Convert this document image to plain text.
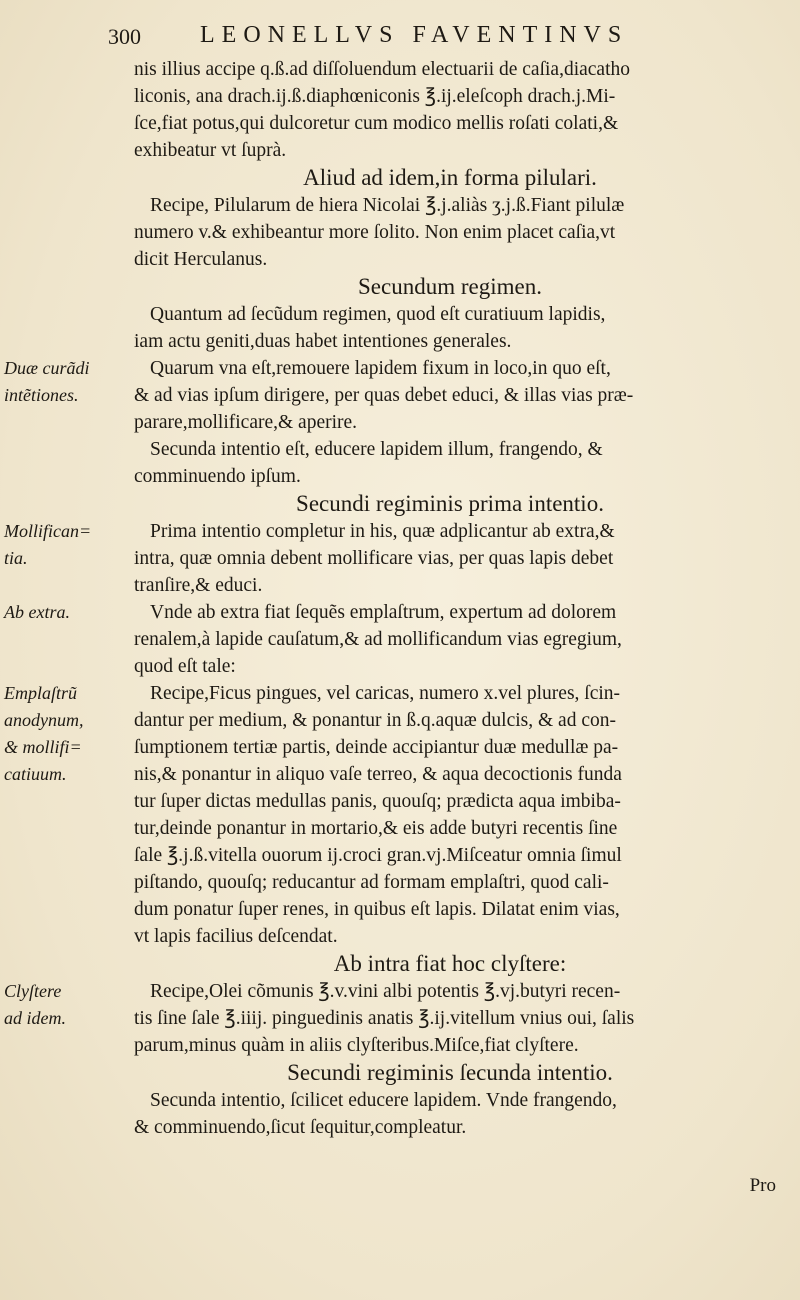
300 LEONELLVS FAVENTINVS
nis illius accipe q.ß.ad diſſoluendum electuarii de caſia,diacatho
liconis, ana drach.ij.ß.diaphœniconis ℥.ij.eleſcoph drach.j.Mi-
ſce,fiat potus,qui dulcoretur cum modico mellis roſati colati,&
exhibeatur vt ſuprà.
Aliud ad idem,in forma pilulari.
Recipe, Pilularum de hiera Nicolai ℥.j.aliàs ʒ.j.ß.Fiant pilulæ
numero v.& exhibeantur more ſolito. Non enim placet caſia,vt
dicit Herculanus.
Secundum regimen.
Quantum ad ſecũdum regimen, quod eſt curatiuum lapidis,
iam actu geniti,duas habet intentiones generales.
Quarum vna eſt,remouere lapidem fixum in loco,in quo eſt,
& ad vias ipſum dirigere, per quas debet educi, & illas vias præ-
parare,mollificare,& aperire.
Secunda intentio eſt, educere lapidem illum, frangendo, &
comminuendo ipſum.
Secundi regiminis prima intentio.
Prima intentio completur in his, quæ adplicantur ab extra,&
intra, quæ omnia debent mollificare vias, per quas lapis debet
tranſire,& educi.
Vnde ab extra fiat ſequẽs emplaſtrum, expertum ad dolorem
renalem,à lapide cauſatum,& ad mollificandum vias egregium,
quod eſt tale:
Recipe,Ficus pingues, vel caricas, numero x.vel plures, ſcin-
dantur per medium, & ponantur in ß.q.aquæ dulcis, & ad con-
ſumptionem tertiæ partis, deinde accipiantur duæ medullæ pa-
nis,& ponantur in aliquo vaſe terreo, & aqua decoctionis funda
tur ſuper dictas medullas panis, quouſq; prædicta aqua imbiba-
tur,deinde ponantur in mortario,& eis adde butyri recentis ſine
ſale ℥.j.ß.vitella ouorum ij.croci gran.vj.Miſceatur omnia ſimul
piſtando, quouſq; reducantur ad formam emplaſtri, quod cali-
dum ponatur ſuper renes, in quibus eſt lapis. Dilatat enim vias,
vt lapis facilius deſcendat.
Ab intra fiat hoc clyſtere:
Recipe,Olei cõmunis ℥.v.vini albi potentis ℥.vj.butyri recen-
tis ſine ſale ℥.iiij. pinguedinis anatis ℥.ij.vitellum vnius oui, ſalis
parum,minus quàm in aliis clyſteribus.Miſce,fiat clyſtere.
Secundi regiminis ſecunda intentio.
Secunda intentio, ſcilicet educere lapidem. Vnde frangendo,
& comminuendo,ſicut ſequitur,compleatur.
Duæ curãdi
intẽtiones.
Mollifican=
tia.
Ab extra.
Emplaſtrũ
anodynum,
& mollifi=
catiuum.
Clyſtere
ad idem.
Pro
